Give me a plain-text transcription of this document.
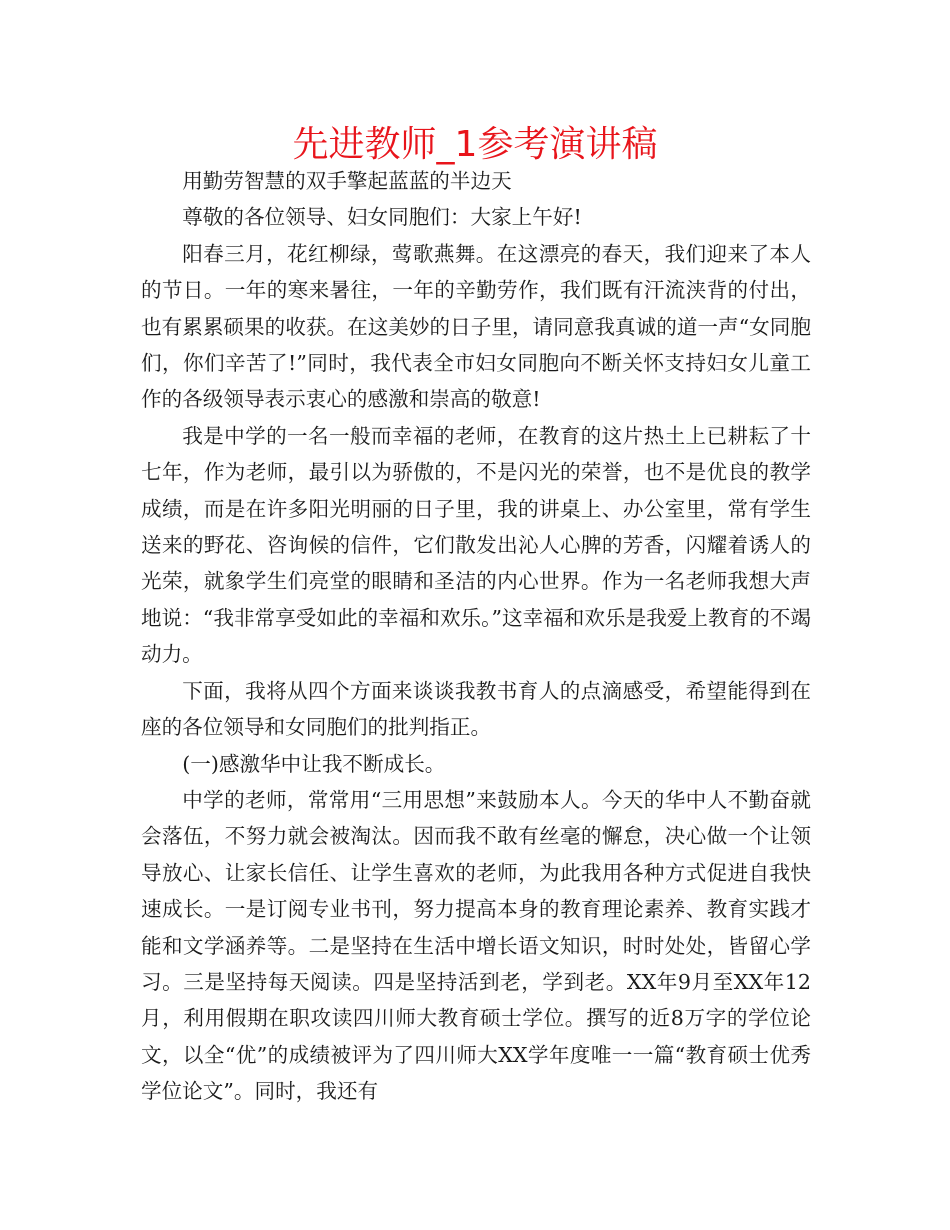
先进教师_1参考演讲稿

用勤劳智慧的双手擎起蓝蓝的半边天

尊敬的各位领导、妇女同胞们：大家上午好!

阳春三月，花红柳绿，莺歌燕舞。在这漂亮的春天，我们迎来了本人的节日。一年的寒来暑往，一年的辛勤劳作，我们既有汗流浃背的付出，也有累累硕果的收获。在这美妙的日子里，请同意我真诚的道一声“女同胞们，你们辛苦了!”同时，我代表全市妇女同胞向不断关怀支持妇女儿童工作的各级领导表示衷心的感激和崇高的敬意!

我是中学的一名一般而幸福的老师，在教育的这片热土上已耕耘了十七年，作为老师，最引以为骄傲的，不是闪光的荣誉，也不是优良的教学成绩，而是在许多阳光明丽的日子里，我的讲桌上、办公室里，常有学生送来的野花、咨询候的信件，它们散发出沁人心脾的芳香，闪耀着诱人的光荣，就象学生们亮堂的眼睛和圣洁的内心世界。作为一名老师我想大声地说：“我非常享受如此的幸福和欢乐。”这幸福和欢乐是我爱上教育的不竭动力。

下面，我将从四个方面来谈谈我教书育人的点滴感受，希望能得到在座的各位领导和女同胞们的批判指正。

(一)感激华中让我不断成长。

中学的老师，常常用“三用思想”来鼓励本人。今天的华中人不勤奋就会落伍，不努力就会被淘汰。因而我不敢有丝毫的懈怠，决心做一个让领导放心、让家长信任、让学生喜欢的老师，为此我用各种方式促进自我快速成长。一是订阅专业书刊，努力提高本身的教育理论素养、教育实践才能和文学涵养等。二是坚持在生活中增长语文知识，时时处处，皆留心学习。三是坚持每天阅读。四是坚持活到老，学到老。XX年9月至XX年12月，利用假期在职攻读四川师大教育硕士学位。撰写的近8万字的学位论文，以全“优”的成绩被评为了四川师大XX学年度唯一一篇“教育硕士优秀学位论文”。同时，我还有
